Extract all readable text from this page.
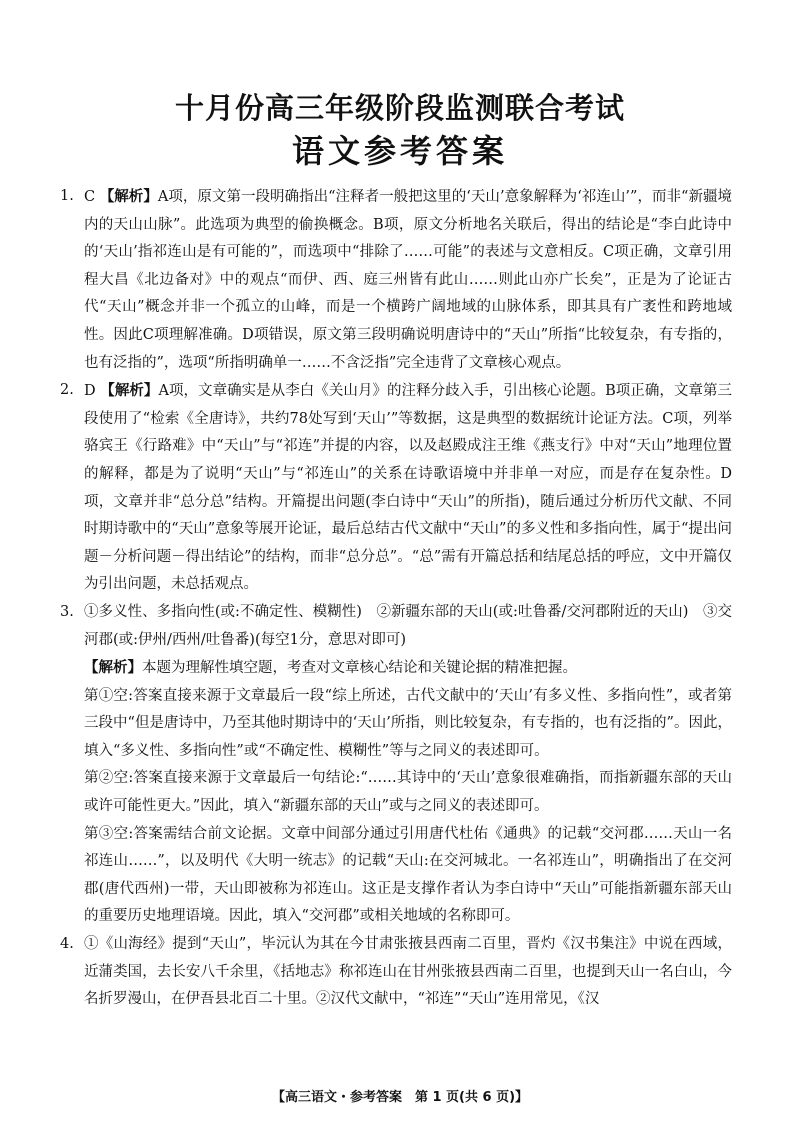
十月份高三年级阶段监测联合考试
语文参考答案
1. C 【解析】A项，原文第一段明确指出“注释者一般把这里的‘天山’意象解释为‘祁连山’”，而非“新疆境内的天山山脉”。此选项为典型的偷换概念。B项，原文分析地名关联后，得出的结论是“李白此诗中的‘天山’指祁连山是有可能的”，而选项中“排除了……可能”的表述与文意相反。C项正确，文章引用程大昌《北边备对》中的观点“而伊、西、庭三州皆有此山……则此山亦广长矣”，正是为了论证古代“天山”概念并非一个孤立的山峰，而是一个横跨广阔地域的山脉体系，即其具有广袤性和跨地域性。因此C项理解准确。D项错误，原文第三段明确说明唐诗中的“天山”所指“比较复杂，有专指的，也有泛指的”，选项“所指明确单一……不含泛指”完全违背了文章核心观点。
2. D 【解析】A项，文章确实是从李白《关山月》的注释分歧入手，引出核心论题。B项正确，文章第三段使用了“检索《全唐诗》，共约78处写到‘天山’”等数据，这是典型的数据统计论证方法。C项，列举骆宾王《行路难》中“天山”与“祁连”并提的内容，以及赵殿成注王维《燕支行》中对“天山”地理位置的解释，都是为了说明“天山”与“祁连山”的关系在诗歌语境中并非单一对应，而是存在复杂性。D项，文章并非“总分总”结构。开篇提出问题(李白诗中“天山”的所指)，随后通过分析历代文献、不同时期诗歌中的“天山”意象等展开论证，最后总结古代文献中“天山”的多义性和多指向性，属于“提出问题－分析问题－得出结论”的结构，而非“总分总”。“总”需有开篇总括和结尾总括的呼应，文中开篇仅为引出问题，未总括观点。
3. ①多义性、多指向性(或:不确定性、模糊性)　②新疆东部的天山(或:吐鲁番/交河郡附近的天山)　③交河郡(或:伊州/西州/吐鲁番)(每空1分，意思对即可)
【解析】本题为理解性填空题，考查对文章核心结论和关键论据的精准把握。
第①空:答案直接来源于文章最后一段“综上所述，古代文献中的‘天山’有多义性、多指向性”，或者第三段中“但是唐诗中，乃至其他时期诗中的‘天山’所指，则比较复杂，有专指的，也有泛指的”。因此，填入“多义性、多指向性”或“不确定性、模糊性”等与之同义的表述即可。
第②空:答案直接来源于文章最后一句结论:“……其诗中的‘天山’意象很难确指，而指新疆东部的天山或许可能性更大。”因此，填入“新疆东部的天山”或与之同义的表述即可。
第③空:答案需结合前文论据。文章中间部分通过引用唐代杜佑《通典》的记载“交河郡……天山一名祁连山……”，以及明代《大明一统志》的记载“天山:在交河城北。一名祁连山”，明确指出了在交河郡(唐代西州)一带，天山即被称为祁连山。这正是支撑作者认为李白诗中“天山”可能指新疆东部天山的重要历史地理语境。因此，填入“交河郡”或相关地域的名称即可。
4. ①《山海经》提到“天山”，毕沅认为其在今甘肃张掖县西南二百里，晋灼《汉书集注》中说在西域，近蒲类国，去长安八千余里，《括地志》称祁连山在甘州张掖县西南二百里，也提到天山一名白山，今名折罗漫山，在伊吾县北百二十里。②汉代文献中，“祁连”“天山”连用常见，《汉
【高三语文・参考答案　第 1 页(共 6 页)】
